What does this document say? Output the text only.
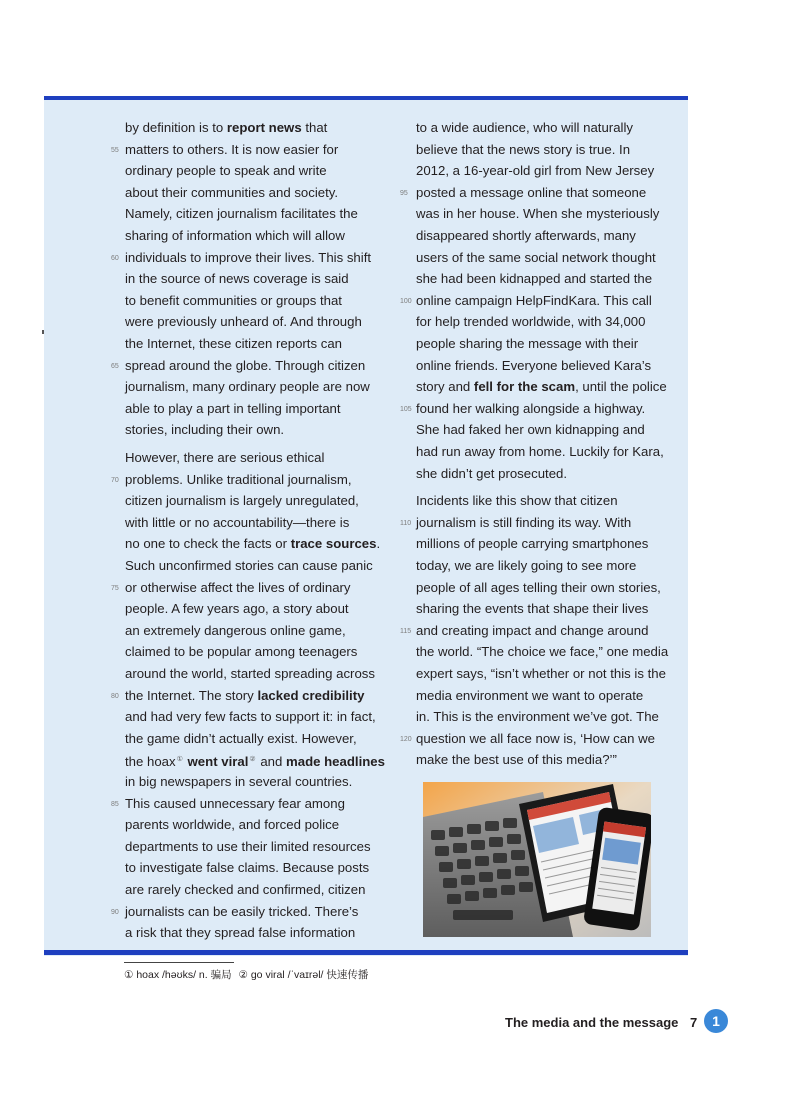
by definition is to report news that
matters to others. It is now easier for
55
ordinary people to speak and write
about their communities and society.
Namely, citizen journalism facilitates the
sharing of information which will allow
individuals to improve their lives. This shift
60
in the source of news coverage is said
to benefit communities or groups that
were previously unheard of. And through
the Internet, these citizen reports can
spread around the globe. Through citizen
65
journalism, many ordinary people are now
able to play a part in telling important
stories, including their own.
However, there are serious ethical
problems. Unlike traditional journalism,
70
citizen journalism is largely unregulated,
with little or no accountability—there is
no one to check the facts or trace sources.
Such unconfirmed stories can cause panic
or otherwise affect the lives of ordinary
75
people. A few years ago, a story about
an extremely dangerous online game,
claimed to be popular among teenagers
around the world, started spreading across
the Internet. The story lacked credibility
80
and had very few facts to support it: in fact,
the game didn’t actually exist. However,
the hoax① went viral② and made headlines
in big newspapers in several countries.
This caused unnecessary fear among
85
parents worldwide, and forced police
departments to use their limited resources
to investigate false claims. Because posts
are rarely checked and confirmed, citizen
journalists can be easily tricked. There’s
90
a risk that they spread false information
to a wide audience, who will naturally
believe that the news story is true. In
2012, a 16-year-old girl from New Jersey
posted a message online that someone
95
was in her house. When she mysteriously
disappeared shortly afterwards, many
users of the same social network thought
she had been kidnapped and started the
online campaign HelpFindKara. This call
100
for help trended worldwide, with 34,000
people sharing the message with their
online friends. Everyone believed Kara’s
story and fell for the scam, until the police
found her walking alongside a highway.
105
She had faked her own kidnapping and
had run away from home. Luckily for Kara,
she didn’t get prosecuted.
Incidents like this show that citizen
journalism is still finding its way. With
110
millions of people carrying smartphones
today, we are likely going to see more
people of all ages telling their own stories,
sharing the events that shape their lives
and creating impact and change around
115
the world. “The choice we face,” one media
expert says, “isn’t whether or not this is the
media environment we want to operate
in. This is the environment we’ve got. The
question we all face now is, ‘How can we
120
make the best use of this media?’”
① hoax /həʊks/ n. 骗局 ② go viral /ˈvaɪrəl/ 快速传播
The media and the message 7	1
